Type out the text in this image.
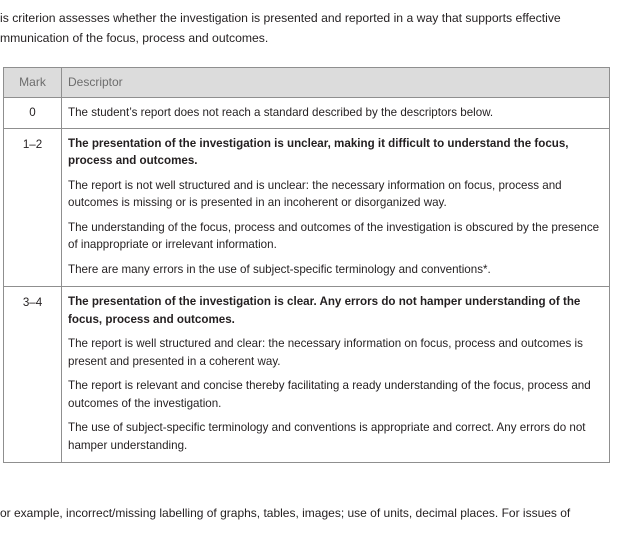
is criterion assesses whether the investigation is presented and reported in a way that supports effective
mmunication of the focus, process and outcomes.
Mark	Descriptor
0	The student’s report does not reach a standard described by the descriptors below.

1–2	The presentation of the investigation is unclear, making it difficult to understand the focus, process and outcomes.

The report is not well structured and is unclear: the necessary information on focus, process and outcomes is missing or is presented in an incoherent or disorganized way.

The understanding of the focus, process and outcomes of the investigation is obscured by the presence of inappropriate or irrelevant information.

There are many errors in the use of subject-specific terminology and conventions*.

3–4	The presentation of the investigation is clear. Any errors do not hamper understanding of the focus, process and outcomes.

The report is well structured and clear: the necessary information on focus, process and outcomes is present and presented in a coherent way.

The report is relevant and concise thereby facilitating a ready understanding of the focus, process and outcomes of the investigation.

The use of subject-specific terminology and conventions is appropriate and correct. Any errors do not hamper understanding.

or example, incorrect/missing labelling of graphs, tables, images; use of units, decimal places. For issues of
